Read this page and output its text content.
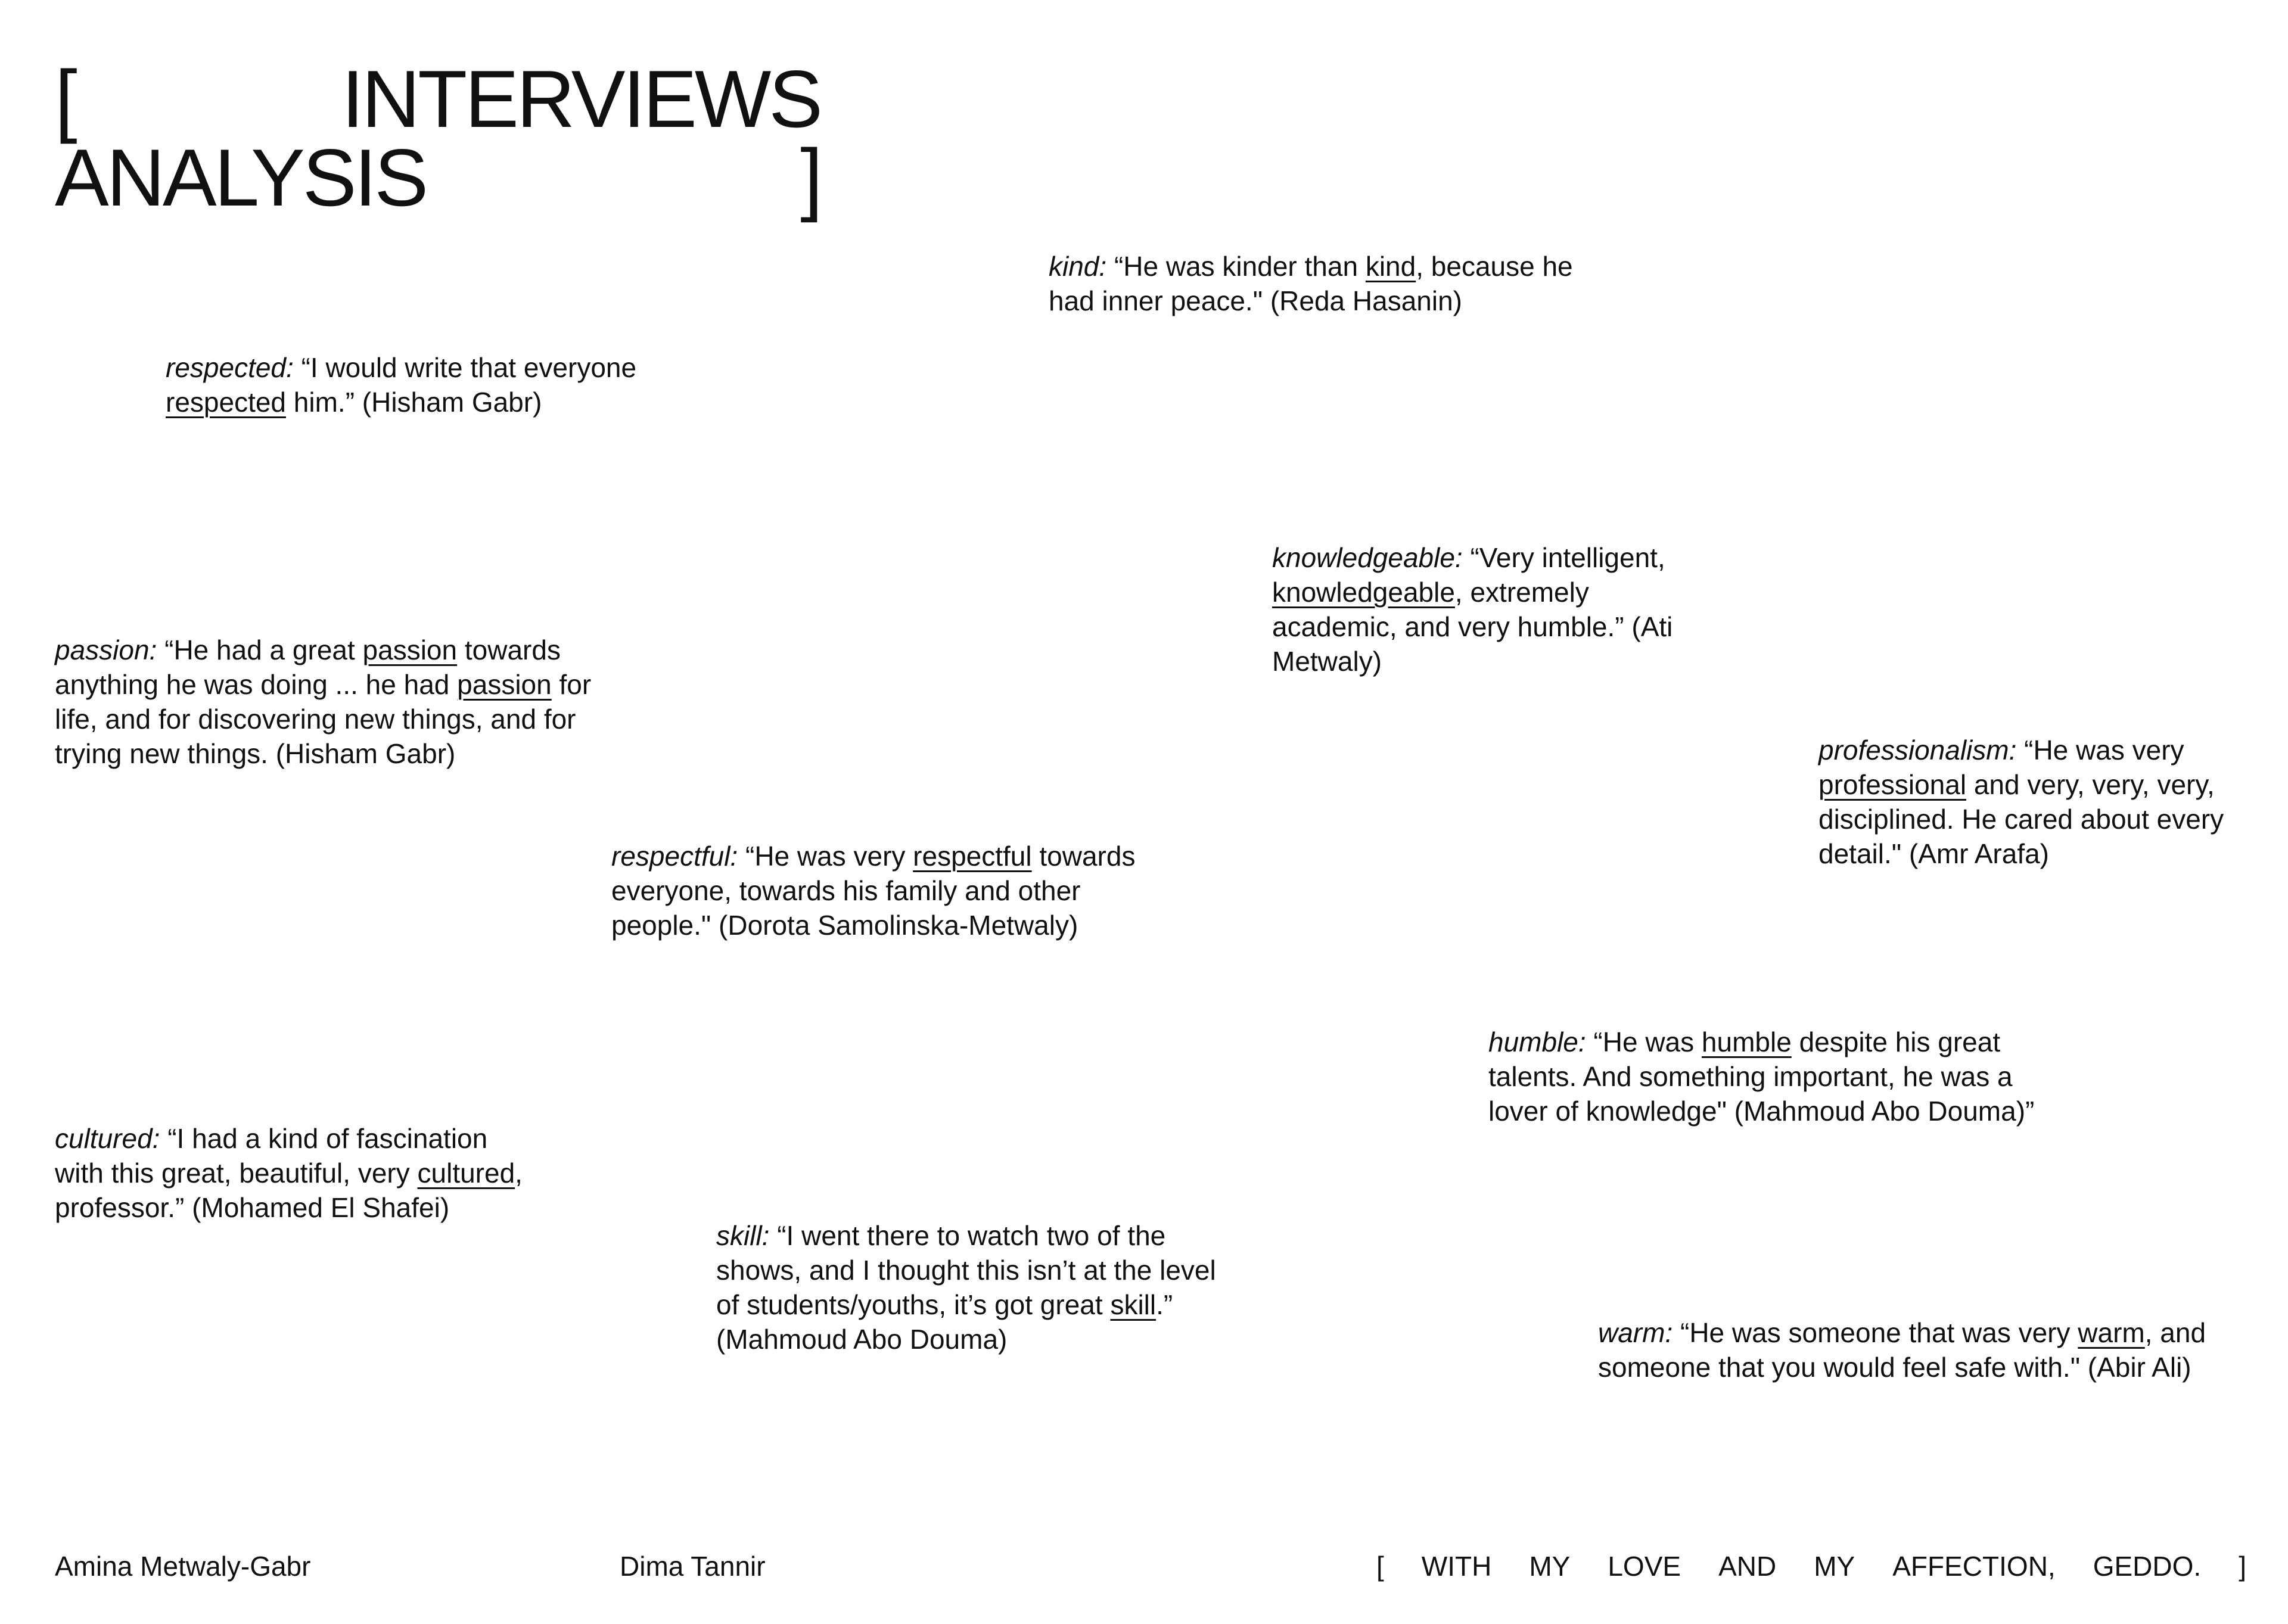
[	INTERVIEWS
ANALYSIS	]
kind: “He was kinder than kind, because he had inner peace." (Reda Hasanin)
respected: “I would write that everyone respected him.” (Hisham Gabr)
knowledgeable: “Very intelligent, knowledgeable, extremely academic, and very humble.” (Ati Metwaly)
passion: “He had a great passion towards anything he was doing ... he had passion for life, and for discovering new things, and for trying new things. (Hisham Gabr)	professionalism: “He was very professional and very, very, very, disciplined. He cared about every detail." (Amr Arafa)
respectful: “He was very respectful towards everyone, towards his family and other people." (Dorota Samolinska-Metwaly)
humble: “He was humble despite his great talents. And something important, he was a lover of knowledge" (Mahmoud Abo Douma)”
cultured: “I had a kind of fascination with this great, beautiful, very cultured, professor.” (Mohamed El Shafei)
skill: “I went there to watch two of the shows, and I thought this isn’t at the level of students/youths, it’s got great skill.” (Mahmoud Abo Douma)	warm: “He was someone that was very warm, and someone that you would feel safe with." (Abir Ali)
Amina Metwaly-Gabr	Dima Tannir	[ WITH MY LOVE AND MY AFFECTION, GEDDO. ]
